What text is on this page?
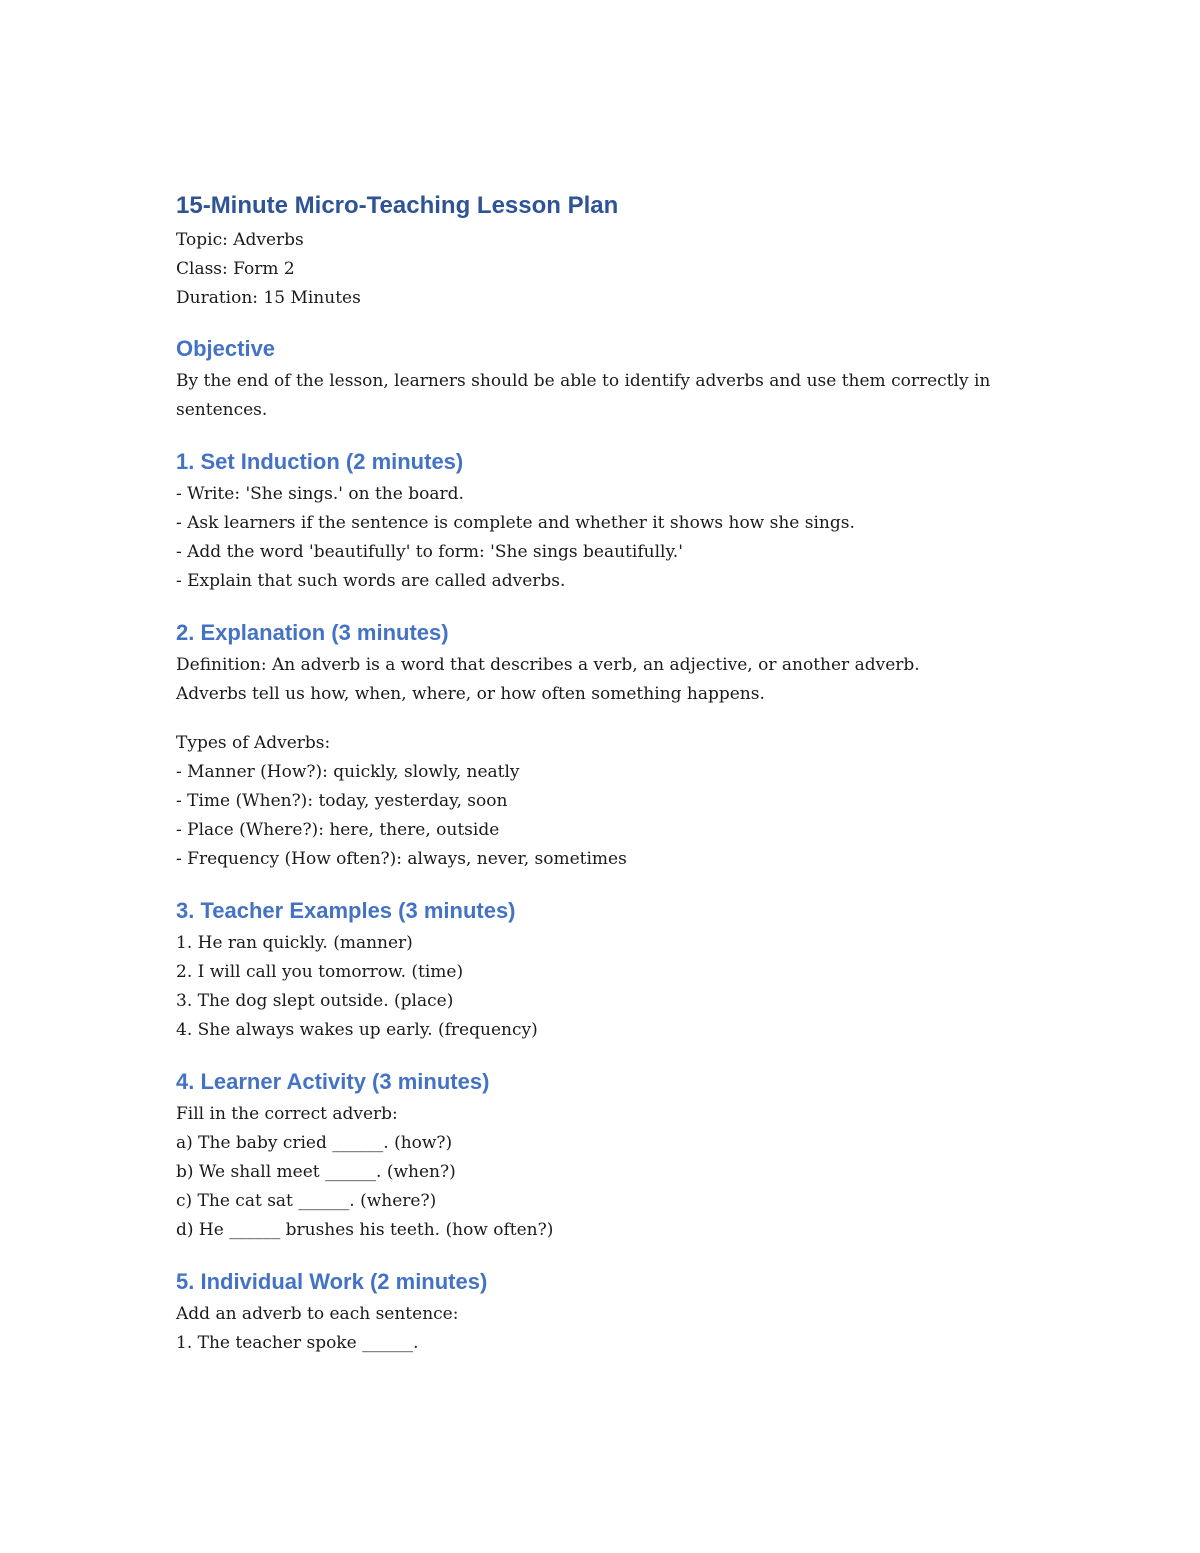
15-Minute Micro-Teaching Lesson Plan

Topic: Adverbs

Class: Form 2

Duration: 15 Minutes

Objective

By the end of the lesson, learners should be able to identify adverbs and use them correctly in sentences.

1. Set Induction (2 minutes)

- Write: 'She sings.' on the board.

- Ask learners if the sentence is complete and whether it shows how she sings.

- Add the word 'beautifully' to form: 'She sings beautifully.'

- Explain that such words are called adverbs.

2. Explanation (3 minutes)

Definition: An adverb is a word that describes a verb, an adjective, or another adverb.

Adverbs tell us how, when, where, or how often something happens.

Types of Adverbs:

- Manner (How?): quickly, slowly, neatly

- Time (When?): today, yesterday, soon

- Place (Where?): here, there, outside

- Frequency (How often?): always, never, sometimes

3. Teacher Examples (3 minutes)

1. He ran quickly. (manner)

2. I will call you tomorrow. (time)

3. The dog slept outside. (place)

4. She always wakes up early. (frequency)

4. Learner Activity (3 minutes)

Fill in the correct adverb:

a) The baby cried ______. (how?)

b) We shall meet ______. (when?)

c) The cat sat ______. (where?)

d) He ______ brushes his teeth. (how often?)

5. Individual Work (2 minutes)

Add an adverb to each sentence:

1. The teacher spoke ______.
